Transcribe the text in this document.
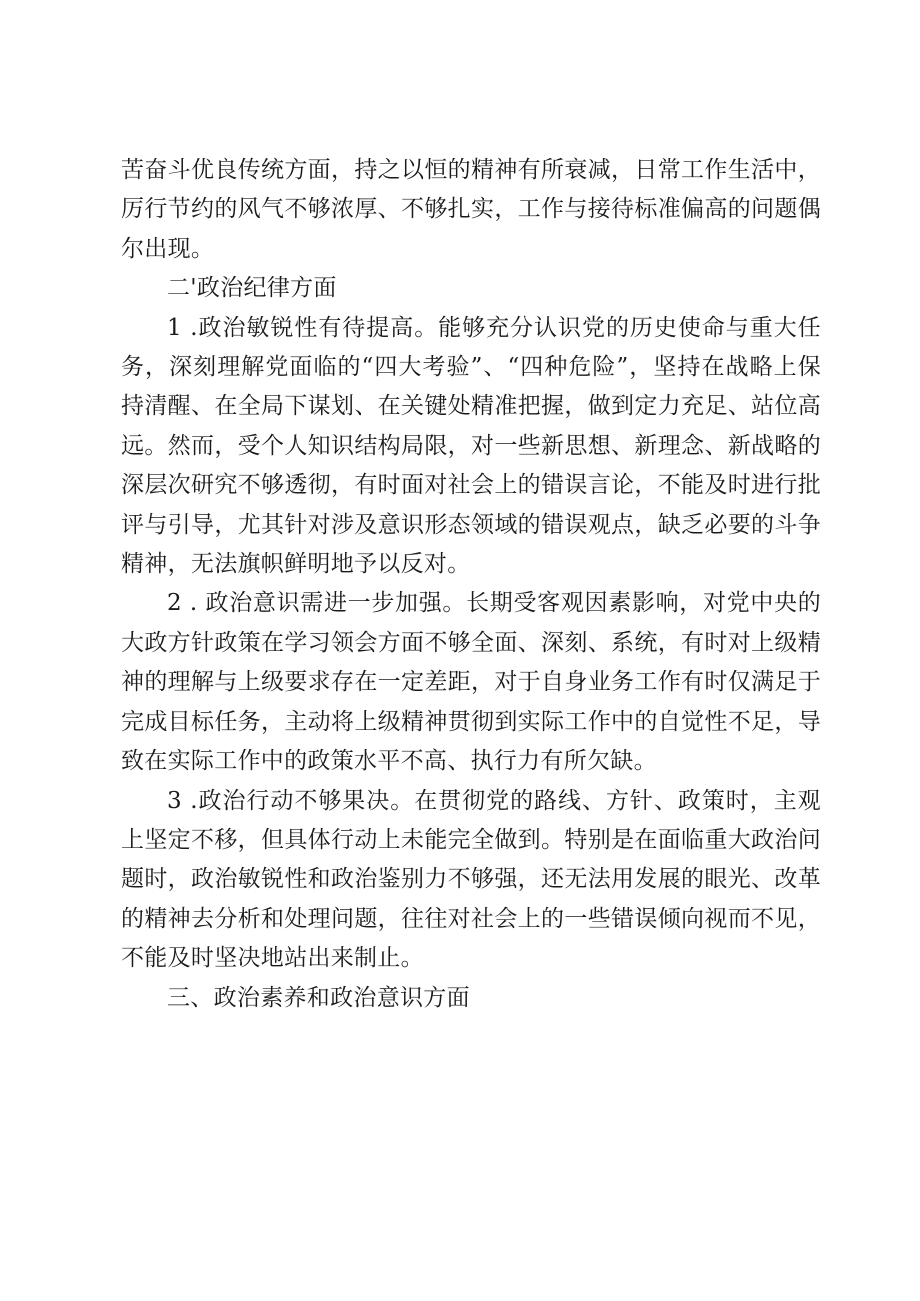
苦奋斗优良传统方面，持之以恒的精神有所衰减，日常工作生活中，厉行节约的风气不够浓厚、不够扎实，工作与接待标准偏高的问题偶尔出现。

二'政治纪律方面

1 .政治敏锐性有待提高。能够充分认识党的历史使命与重大任务，深刻理解党面临的“四大考验”、“四种危险”，坚持在战略上保持清醒、在全局下谋划、在关键处精准把握，做到定力充足、站位高远。然而，受个人知识结构局限，对一些新思想、新理念、新战略的深层次研究不够透彻，有时面对社会上的错误言论，不能及时进行批评与引导，尤其针对涉及意识形态领域的错误观点，缺乏必要的斗争精神，无法旗帜鲜明地予以反对。

2 . 政治意识需进一步加强。长期受客观因素影响，对党中央的大政方针政策在学习领会方面不够全面、深刻、系统，有时对上级精神的理解与上级要求存在一定差距，对于自身业务工作有时仅满足于完成目标任务，主动将上级精神贯彻到实际工作中的自觉性不足，导致在实际工作中的政策水平不高、执行力有所欠缺。

3 .政治行动不够果决。在贯彻党的路线、方针、政策时，主观上坚定不移，但具体行动上未能完全做到。特别是在面临重大政治问题时，政治敏锐性和政治鉴别力不够强，还无法用发展的眼光、改革的精神去分析和处理问题，往往对社会上的一些错误倾向视而不见，不能及时坚决地站出来制止。

三、政治素养和政治意识方面
